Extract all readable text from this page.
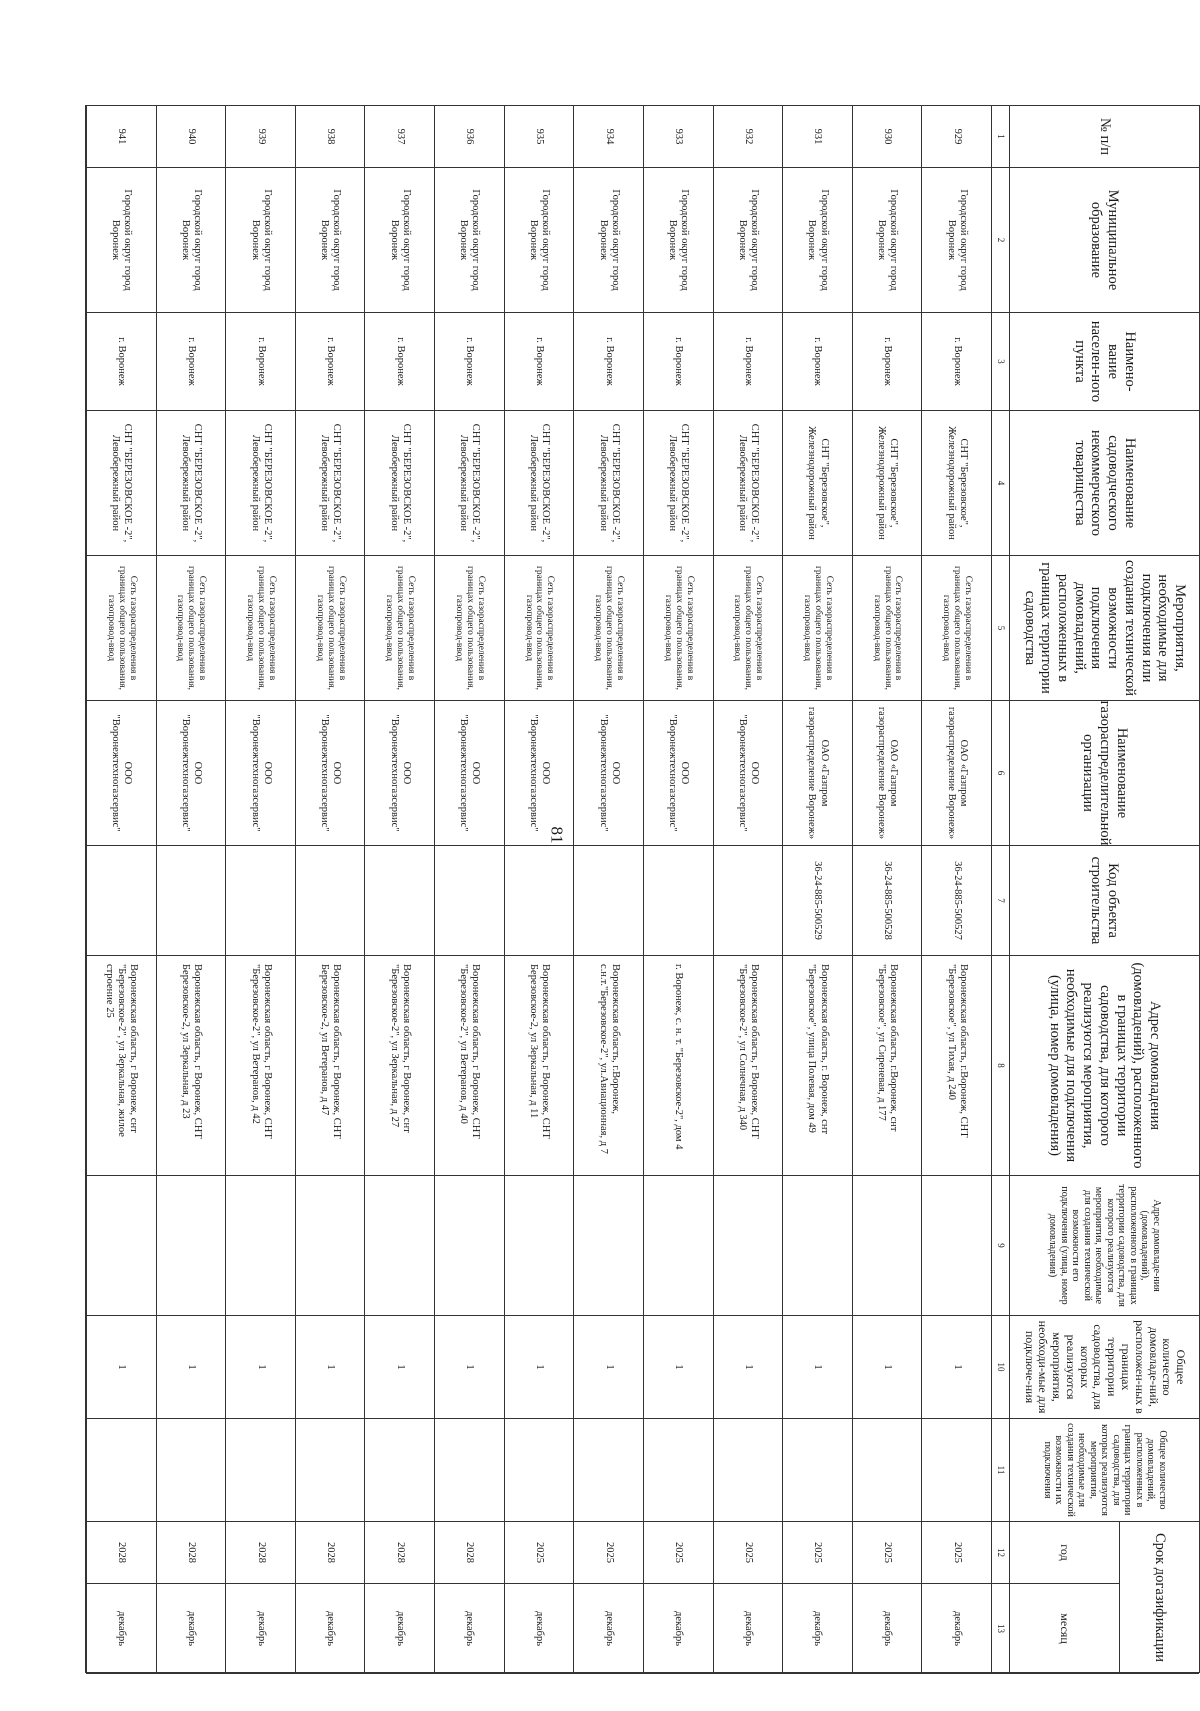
81
№ п/п
Муниципальное образование
Наимено-вание населен-ного пункта
Наименование садоводческого некоммерческого товарищества
Мероприятия, необходимые для подключения или создания технической возможности подключения домовладений, расположенных в границах территории садоводства
Наименование газораспределительной организации
Код объекта строительства
Адрес домовладения (домовладений), расположенного в границах территории садоводства, для которого реализуются мероприятия, необходимые для подключения (улица, номер домовладения)
Адрес домовладе-ния (домовладений), расположенного в границах территории садоводства, для которого реализуются мероприятия, необходимые для создания технической возможности его подключения (улица, номер домовладения)
Общее количество домовладе-ний, расположен-ных в границах территории садоводства, для которых реализуются мероприятия, необходи-мые для подключе-ния
Общее количество домовладений, расположенных в границах территории садоводства, для которых реализуются мероприятия, необходимые для создания технической возможности их подключения
Срок догазификации
год
месяц
1
2
3
4
5
6
7
8
9
10
11
12
13
929
Городской округ город Воронеж
г. Воронеж
СНТ "Березовское", Железнодорожный район
Сеть газораспределения в границах общего пользования, газопровод-ввод
ОАО «Газпром газораспределение Воронеж»
36-24-885-500527
Воронежская область, г.Воронеж, СНТ "Березовское", ул Тихая, д 240
1
2025
декабрь
930
Городской округ город Воронеж
г. Воронеж
СНТ "Березовское", Железнодорожный район
Сеть газораспределения в границах общего пользования, газопровод-ввод
ОАО «Газпром газораспределение Воронеж»
36-24-885-500528
Воронежская область, г.Воронеж, снт "Березовское", ул Сиреневая, д 177
1
2025
декабрь
931
Городской округ город Воронеж
г. Воронеж
СНТ "Березовское", Железнодорожный район
Сеть газораспределения в границах общего пользования, газопровод-ввод
ОАО «Газпром газораспределение Воронеж»
36-24-885-500529
Воронежская область, г. Воронеж, снт "Березовское", улица Полевая, дом 49
1
2025
декабрь
932
Городской округ город Воронеж
г. Воронеж
СНТ "БЕРЕЗОВСКОЕ -2", Левобережный район
Сеть газораспределения в границах общего пользования, газопровод-ввод
ООО "Воронежтехногазсервис"
Воронежская область, г Воронеж, СНТ "Березовское-2", ул Солнечная, д 340
1
2025
декабрь
933
Городской округ город Воронеж
г. Воронеж
СНТ "БЕРЕЗОВСКОЕ -2", Левобережный район
Сеть газораспределения в границах общего пользования, газопровод-ввод
ООО "Воронежтехногазсервис"
г. Воронеж, с. н. т. "Березовское-2", дом 4
1
2025
декабрь
934
Городской округ город Воронеж
г. Воронеж
СНТ "БЕРЕЗОВСКОЕ -2", Левобережный район
Сеть газораспределения в границах общего пользования, газопровод-ввод
ООО "Воронежтехногазсервис"
Воронежская область, г.Воронеж, с.н.т."Березовское-2", ул.Авиационная, д 7
1
2025
декабрь
935
Городской округ город Воронеж
г. Воронеж
СНТ "БЕРЕЗОВСКОЕ -2", Левобережный район
Сеть газораспределения в границах общего пользования, газопровод-ввод
ООО "Воронежтехногазсервис"
Воронежская область, г Воронеж, СНТ Березовское-2, ул Зеркальная, д 11
1
2025
декабрь
936
Городской округ город Воронеж
г. Воронеж
СНТ "БЕРЕЗОВСКОЕ -2", Левобережный район
Сеть газораспределения в границах общего пользования, газопровод-ввод
ООО "Воронежтехногазсервис"
Воронежская область, г Воронеж, СНТ "Березовское-2", ул Ветеранов, д 40
1
2028
декабрь
937
Городской округ город Воронеж
г. Воронеж
СНТ "БЕРЕЗОВСКОЕ -2", Левобережный район
Сеть газораспределения в границах общего пользования, газопровод-ввод
ООО "Воронежтехногазсервис"
Воронежская область, г Воронеж, снт "Березовское-2", ул Зеркальная, д 27
1
2028
декабрь
938
Городской округ город Воронеж
г. Воронеж
СНТ "БЕРЕЗОВСКОЕ -2", Левобережный район
Сеть газораспределения в границах общего пользования, газопровод-ввод
ООО "Воронежтехногазсервис"
Воронежская область, г Воронеж, СНТ Березовское-2, ул Ветеранов, д 47
1
2028
декабрь
939
Городской округ город Воронеж
г. Воронеж
СНТ "БЕРЕЗОВСКОЕ -2", Левобережный район
Сеть газораспределения в границах общего пользования, газопровод-ввод
ООО "Воронежтехногазсервис"
Воронежская область, г Воронеж, СНТ "Березовское-2", ул Ветеранов, д 42
1
2028
декабрь
940
Городской округ город Воронеж
г. Воронеж
СНТ "БЕРЕЗОВСКОЕ -2", Левобережный район
Сеть газораспределения в границах общего пользования, газопровод-ввод
ООО "Воронежтехногазсервис"
Воронежская область, г Воронеж, СНТ Березовское-2, ул Зеркальная, д 23
1
2028
декабрь
941
Городской округ город Воронеж
г. Воронеж
СНТ "БЕРЕЗОВСКОЕ -2", Левобережный район
Сеть газораспределения в границах общего пользования, газопровод-ввод
ООО "Воронежтехногазсервис"
Воронежская область, г Воронеж, снт "Березовское-2", ул Зеркальная, жилое строение 25
1
2028
декабрь
